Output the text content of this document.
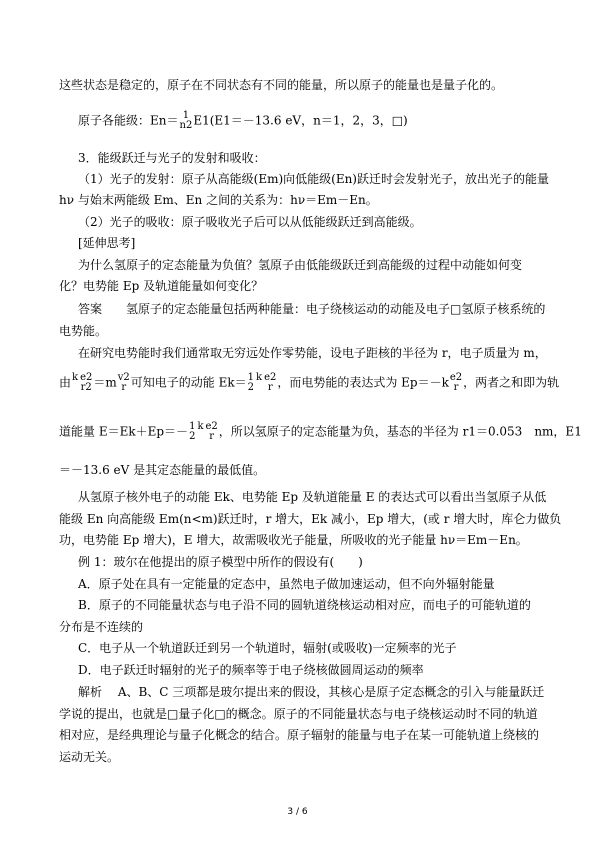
这些状态是稳定的，原子在不同状态有不同的能量，所以原子的能量也是量子化的。
原子各能级：En＝ 1
n2 E1(E1＝－13.6 eV，n＝1，2，3，□)
3．能级跃迁与光子的发射和吸收：
（1）光子的发射：原子从高能级(Em)向低能级(En)跃迁时会发射光子，放出光子的能量
hν 与始末两能级 Em、En 之间的关系为：hν＝Em－En。
（2）光子的吸收：原子吸收光子后可以从低能级跃迁到高能级。
[延伸思考]
为什么氢原子的定态能量为负值？氢原子由低能级跃迁到高能级的过程中动能如何变
化？电势能 Ep 及轨道能量如何变化？
答案　　氢原子的定态能量包括两种能量：电子绕核运动的动能及电子□氢原子核系统的
电势能。
在研究电势能时我们通常取无穷远处作零势能，设电子距核的半径为 r，电子质量为 m，
由 k
e2
r2 ＝m v2
r 可知电子的动能 Ek＝ 1
2
k
e2
r ，而电势能的表达式为 Ep＝－k e2
r ，两者之和即为轨
道能量 E＝Ek＋Ep＝－ 1
2
k
e2
r ，所以氢原子的定态能量为负，基态的半径为 r1＝0.053　nm，E1
＝－13.6 eV 是其定态能量的最低值。
从氢原子核外电子的动能 Ek、电势能 Ep 及轨道能量 E 的表达式可以看出当氢原子从低
能级 En 向高能级 Em(n<m)跃迁时，r 增大，Ek 减小，Ep 增大，(或 r 增大时，库仑力做负
功，电势能 Ep 增大)，E 增大，故需吸收光子能量，所吸收的光子能量 hν＝Em－En。
例 1：玻尔在他提出的原子模型中所作的假设有(　　)
A．原子处在具有一定能量的定态中，虽然电子做加速运动，但不向外辐射能量
B．原子的不同能量状态与电子沿不同的圆轨道绕核运动相对应，而电子的可能轨道的
分布是不连续的
C．电子从一个轨道跃迁到另一个轨道时，辐射(或吸收)一定频率的光子
D．电子跃迁时辐射的光子的频率等于电子绕核做圆周运动的频率
解析　 A、B、C 三项都是玻尔提出来的假设，其核心是原子定态概念的引入与能量跃迁
学说的提出，也就是□量子化□的概念。原子的不同能量状态与电子绕核运动时不同的轨道
相对应，是经典理论与量子化概念的结合。原子辐射的能量与电子在某一可能轨道上绕核的
运动无关。
3 / 6
